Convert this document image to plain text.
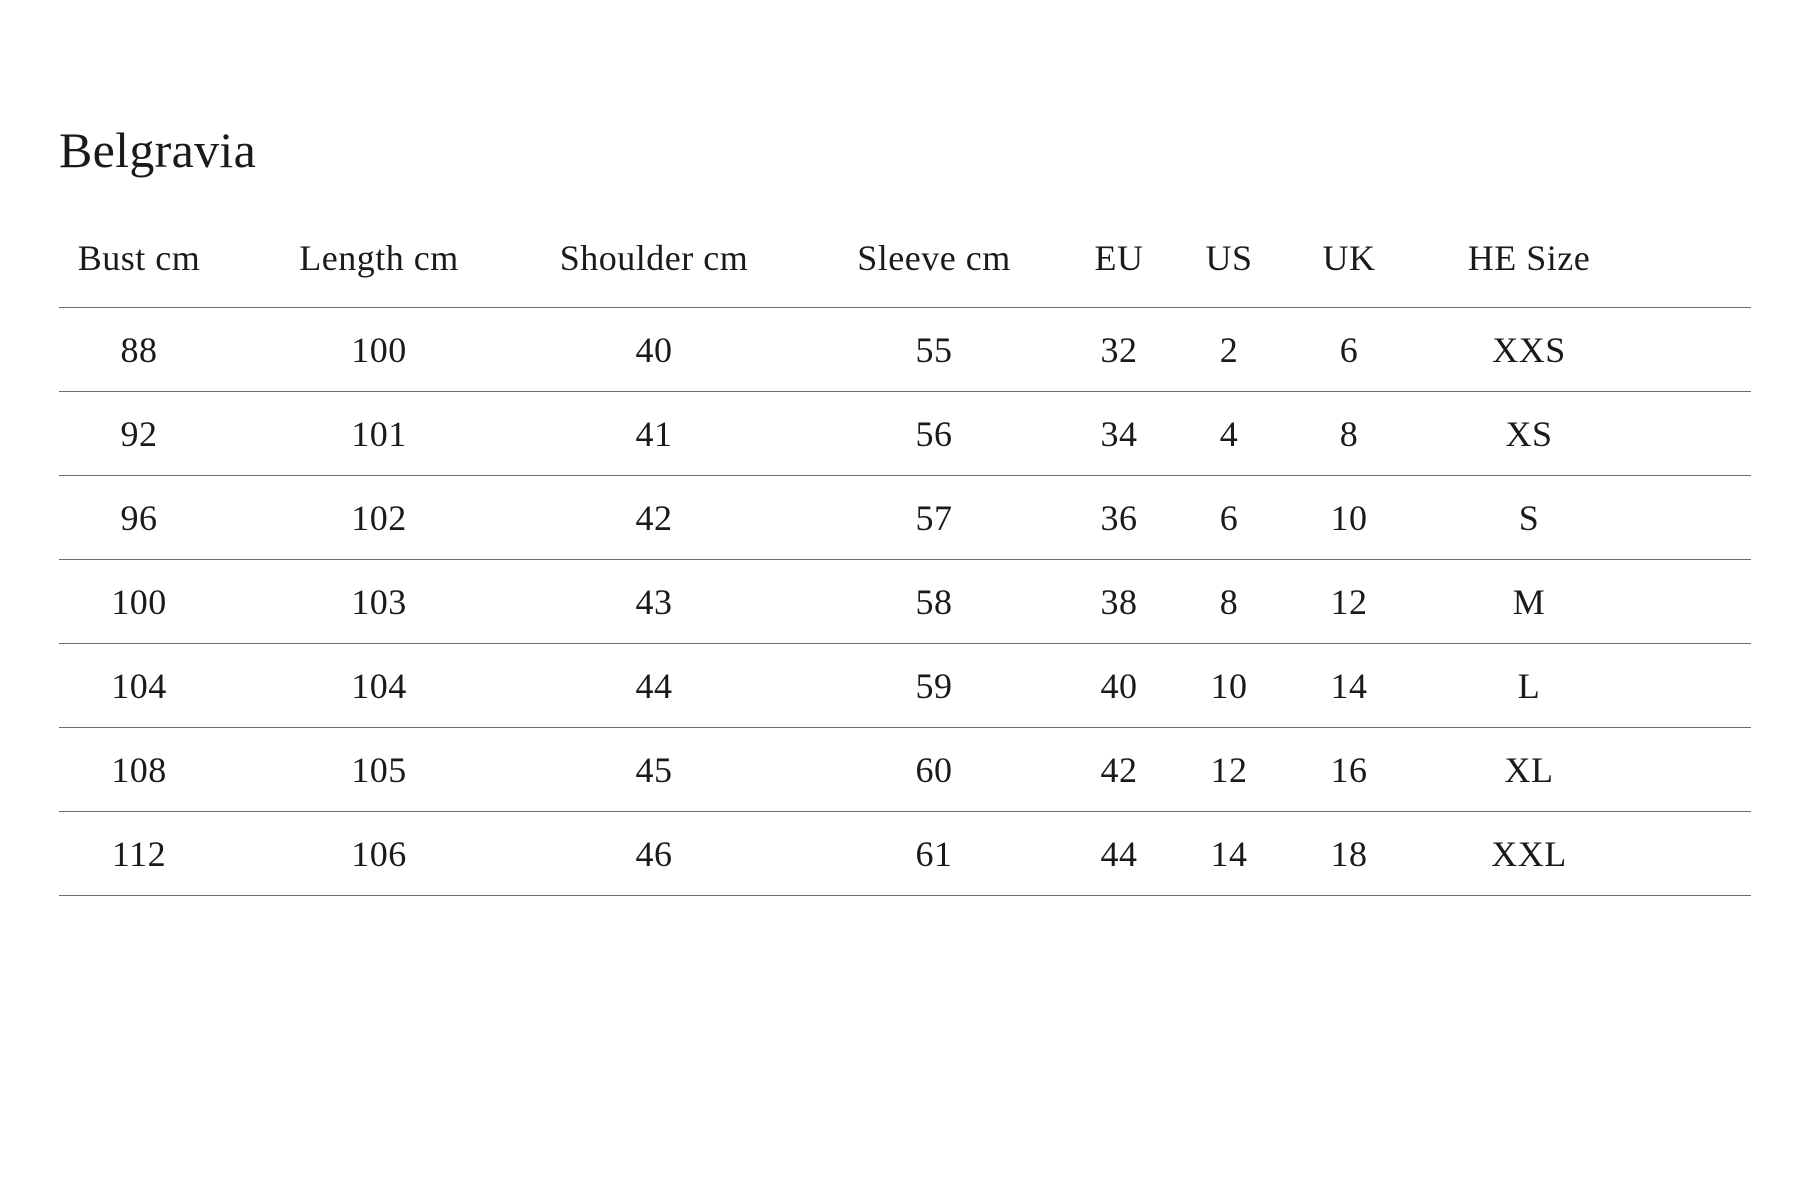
Belgravia
Bust cm	Length cm	Shoulder cm	Sleeve cm	EU	US	UK	HE Size
88	100	40	55	32	2	6	XXS
92	101	41	56	34	4	8	XS
96	102	42	57	36	6	10	S
100	103	43	58	38	8	12	M
104	104	44	59	40	10	14	L
108	105	45	60	42	12	16	XL
112	106	46	61	44	14	18	XXL
